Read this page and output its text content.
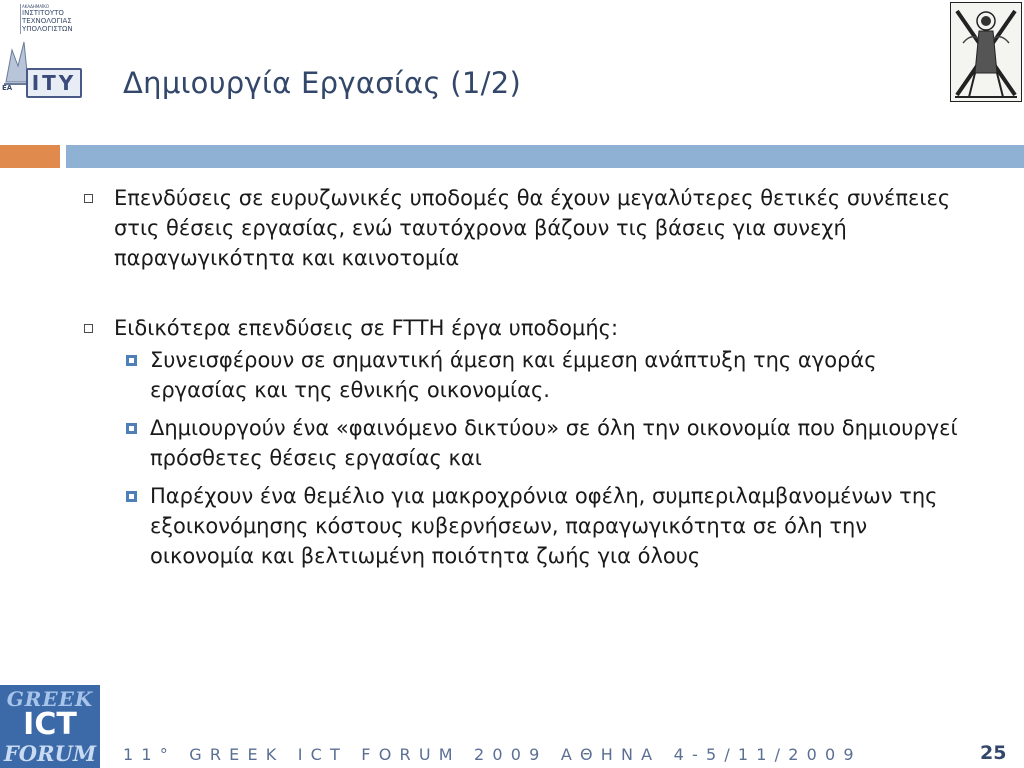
ΑΚΑΔΗΜΑΪΚΟ
ΙΝΣΤΙΤΟΥΤΟ
ΤΕΧΝΟΛΟΓΙΑΣ
ΥΠΟΛΟΓΙΣΤΩΝ
EA ITY Δημιουργία Εργασίας (1/2)
Επενδύσεις σε ευρυζωνικές υποδομές θα έχουν μεγαλύτερες θετικές συνέπειες στις θέσεις εργασίας, ενώ ταυτόχρονα βάζουν τις βάσεις για συνεχή παραγωγικότητα και καινοτομία
Ειδικότερα επενδύσεις σε FTTH έργα υποδομής:
Συνεισφέρουν σε σημαντική άμεση και έμμεση ανάπτυξη της αγοράς εργασίας και της εθνικής οικονομίας.
Δημιουργούν ένα «φαινόμενο δικτύου» σε όλη την οικονομία που δημιουργεί πρόσθετες θέσεις εργασίας και
Παρέχουν ένα θεμέλιο για μακροχρόνια οφέλη, συμπεριλαμβανομένων της εξοικονόμησης κόστους κυβερνήσεων, παραγωγικότητα σε όλη την οικονομία και βελτιωμένη ποιότητα ζωής για όλους
GREEK
ICT
FORUM 11° GREEK ICT FORUM 2009 ΑΘΗΝΑ 4-5/11/2009	25
